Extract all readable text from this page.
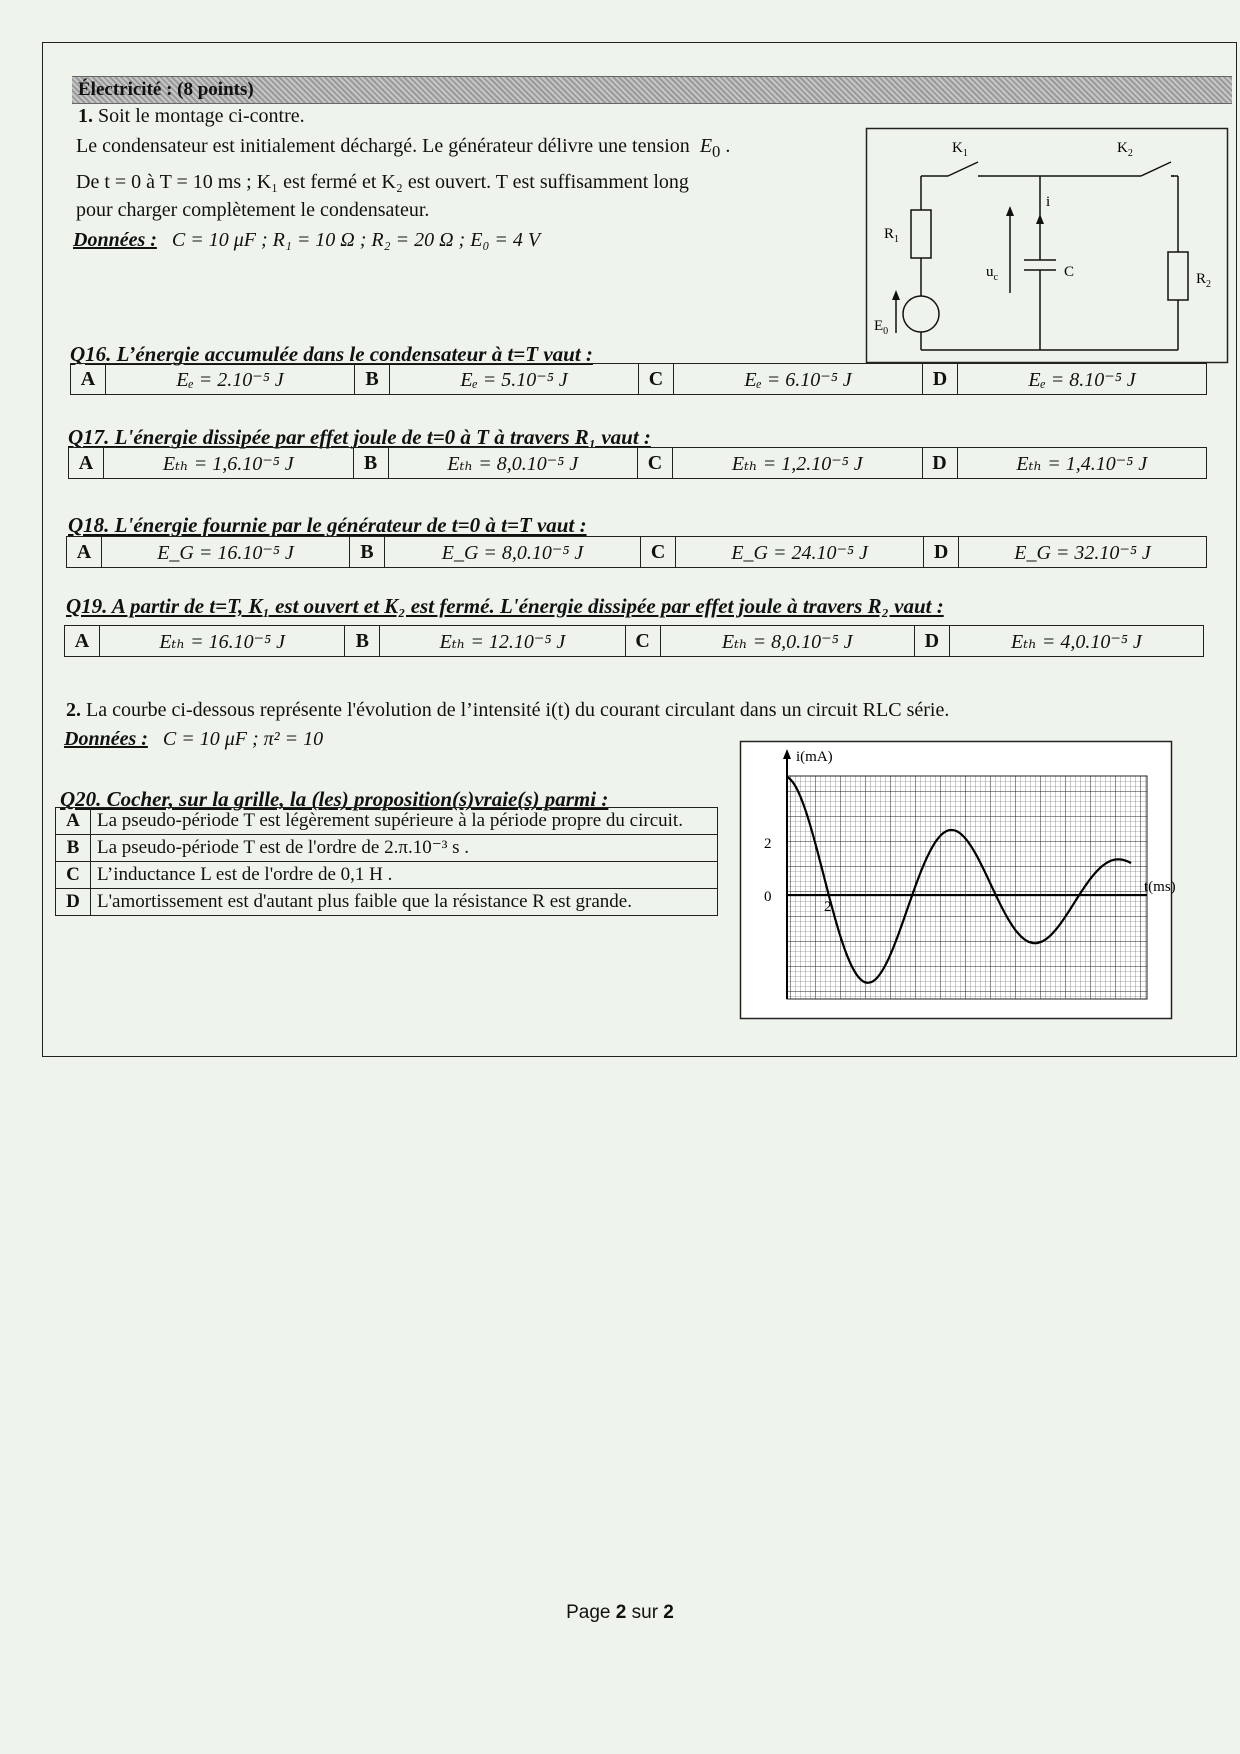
Électricité : (8 points)
1. Soit le montage ci-contre.
Le condensateur est initialement déchargé. Le générateur délivre une tension $E_0$ .
De t = 0 à T = 10 ms ; K₁ est fermé et K₂ est ouvert. T est suffisamment long
pour charger complètement le condensateur.
Données : C = 10 μF ; R₁ = 10 Ω ; R₂ = 20 Ω ; E₀ = 4 V
$K_1$	$K_2$
$R_1$
$R_2$
i
$u_c$	C
$E_0$
Q16. L’énergie accumulée dans le condensateur à t=T vaut :
A	Eₑ = 2.10⁻⁵ J	B	Eₑ = 5.10⁻⁵ J	C	Eₑ = 6.10⁻⁵ J	D	Eₑ = 8.10⁻⁵ J
Q17. L'énergie dissipée par effet joule de t=0 à T à travers R₁ vaut :
A	Eₜₕ = 1,6.10⁻⁵ J	B	Eₜₕ = 8,0.10⁻⁵ J	C	Eₜₕ = 1,2.10⁻⁵ J	D	Eₜₕ = 1,4.10⁻⁵ J
Q18. L'énergie fournie par le générateur de t=0 à t=T vaut :
A	E_G = 16.10⁻⁵ J	B	E_G = 8,0.10⁻⁵ J	C	E_G = 24.10⁻⁵ J	D	E_G = 32.10⁻⁵ J
Q19. A partir de t=T, K₁ est ouvert et K₂ est fermé. L'énergie dissipée par effet joule à travers R₂ vaut :
A	Eₜₕ = 16.10⁻⁵ J	B	Eₜₕ = 12.10⁻⁵ J	C	Eₜₕ = 8,0.10⁻⁵ J	D	Eₜₕ = 4,0.10⁻⁵ J
2. La courbe ci-dessous représente l'évolution de l’intensité i(t) du courant circulant dans un circuit RLC série.
Données : C = 10 μF ; π² = 10
Q20. Cocher, sur la grille, la (les) proposition(s)vraie(s) parmi :
A	La pseudo-période T est légèrement supérieure à la période propre du circuit.
B	La pseudo-période T est de l'ordre de 2.π.10⁻³ s .
C	L’inductance L est de l'ordre de 0,1 H .
D	L'amortissement est d'autant plus faible que la résistance R est grande.
i(mA)
t(ms)
2
0
2
Page 2 sur 2
